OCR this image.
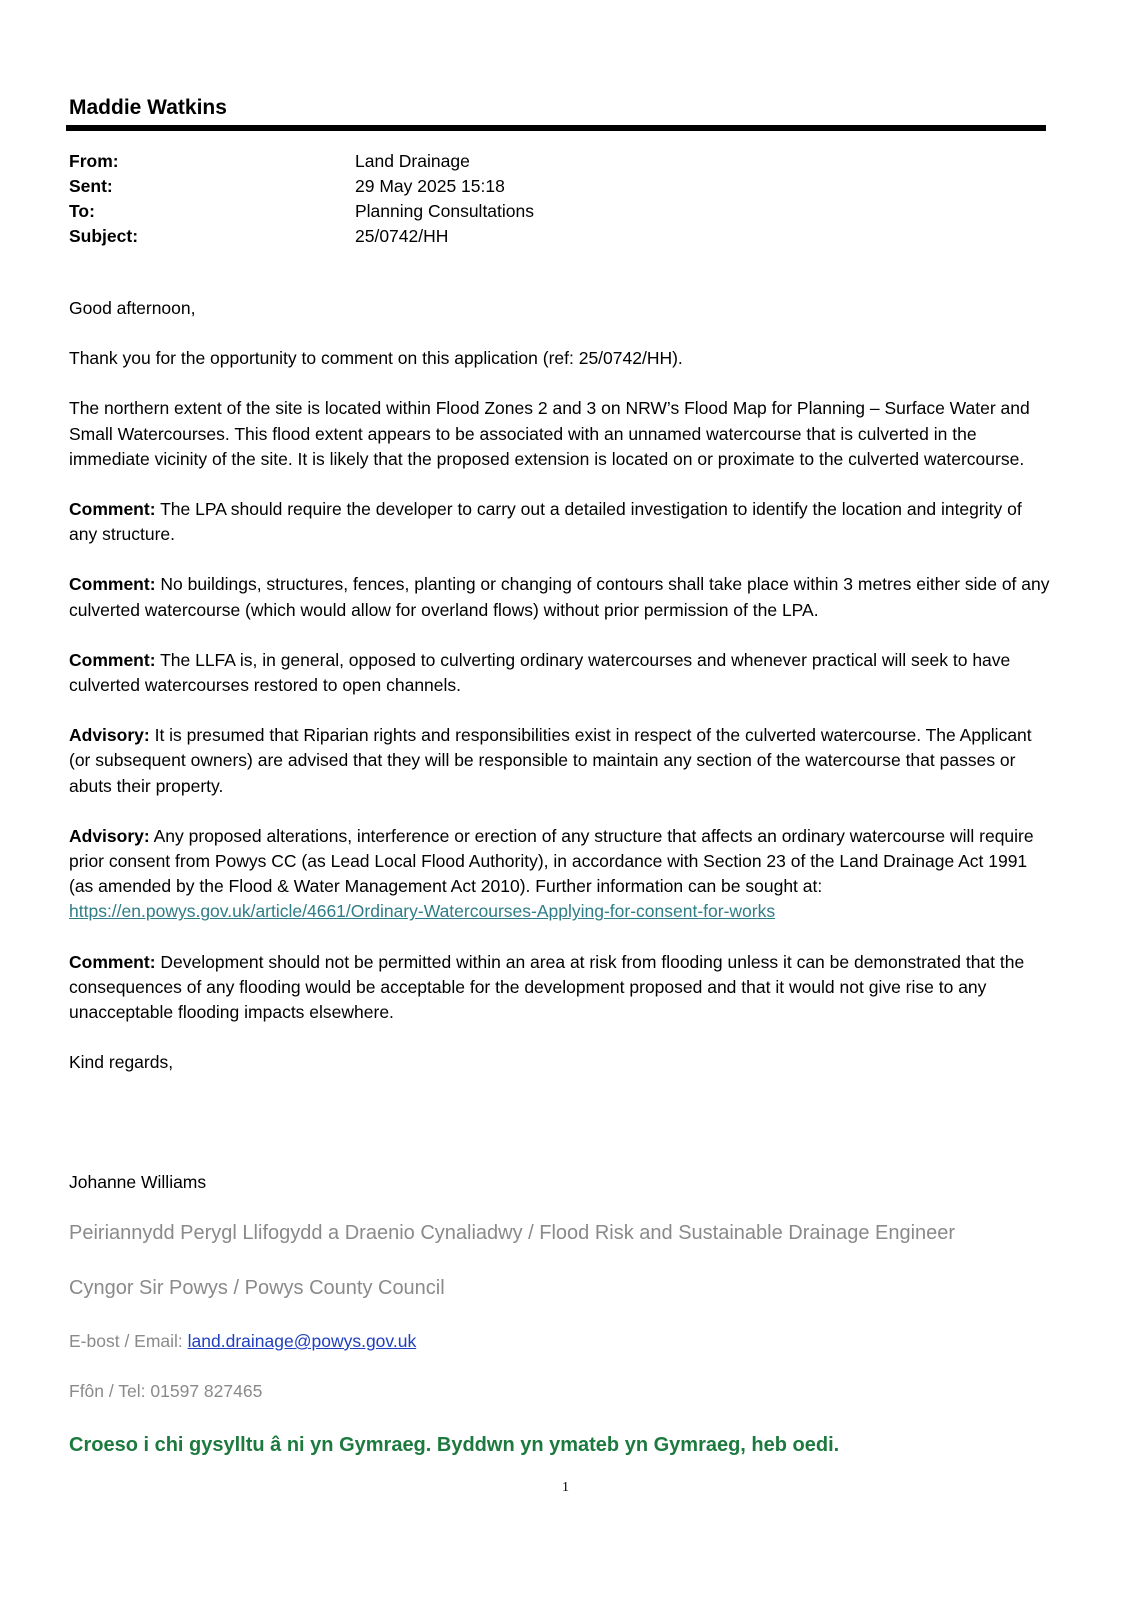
Maddie Watkins
From:	Land Drainage
Sent:	29 May 2025 15:18
To:	Planning Consultations
Subject:	25/0742/HH

Good afternoon,

Thank you for the opportunity to comment on this application (ref: 25/0742/HH).

The northern extent of the site is located within Flood Zones 2 and 3 on NRW’s Flood Map for Planning – Surface Water and Small Watercourses. This flood extent appears to be associated with an unnamed watercourse that is culverted in the immediate vicinity of the site. It is likely that the proposed extension is located on or proximate to the culverted watercourse.

Comment: The LPA should require the developer to carry out a detailed investigation to identify the location and integrity of any structure.

Comment: No buildings, structures, fences, planting or changing of contours shall take place within 3 metres either side of any culverted watercourse (which would allow for overland flows) without prior permission of the LPA.

Comment: The LLFA is, in general, opposed to culverting ordinary watercourses and whenever practical will seek to have culverted watercourses restored to open channels.

Advisory: It is presumed that Riparian rights and responsibilities exist in respect of the culverted watercourse. The Applicant (or subsequent owners) are advised that they will be responsible to maintain any section of the watercourse that passes or abuts their property.

Advisory: Any proposed alterations, interference or erection of any structure that affects an ordinary watercourse will require prior consent from Powys CC (as Lead Local Flood Authority), in accordance with Section 23 of the Land Drainage Act 1991 (as amended by the Flood & Water Management Act 2010). Further information can be sought at: https://en.powys.gov.uk/article/4661/Ordinary-Watercourses-Applying-for-consent-for-works

Comment: Development should not be permitted within an area at risk from flooding unless it can be demonstrated that the consequences of any flooding would be acceptable for the development proposed and that it would not give rise to any unacceptable flooding impacts elsewhere.

Kind regards,

Johanne Williams
Peiriannydd Perygl Llifogydd a Draenio Cynaliadwy / Flood Risk and Sustainable Drainage Engineer
Cyngor Sir Powys / Powys County Council
E-bost / Email: land.drainage@powys.gov.uk
Ffôn / Tel: 01597 827465
Croeso i chi gysylltu â ni yn Gymraeg. Byddwn yn ymateb yn Gymraeg, heb oedi.
1
